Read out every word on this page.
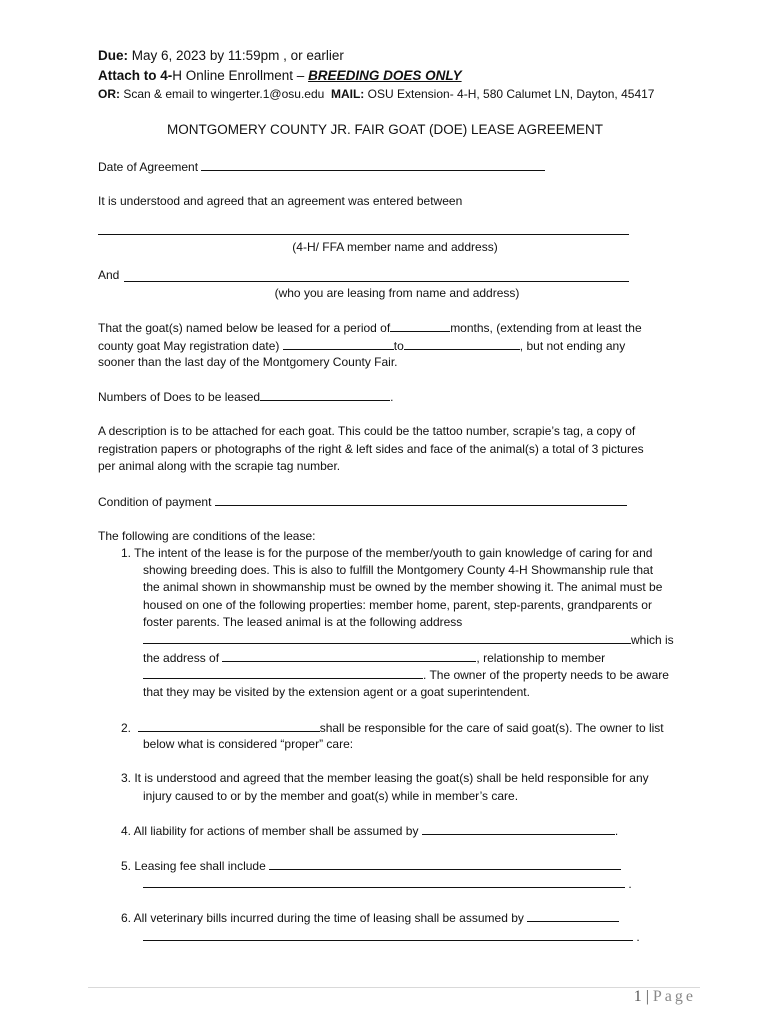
Due: May 6, 2023 by 11:59pm , or earlier
Attach to 4-H Online Enrollment – BREEDING DOES ONLY
OR: Scan & email to wingerter.1@osu.edu MAIL: OSU Extension- 4-H, 580 Calumet LN, Dayton, 45417
MONTGOMERY COUNTY JR. FAIR GOAT (DOE) LEASE AGREEMENT
Date of Agreement
It is understood and agreed that an agreement was entered between
(4-H/ FFA member name and address)
And
(who you are leasing from name and address)
That the goat(s) named below be leased for a period of	months, (extending from at least the
county goat May registration date)	to	, but not ending any
sooner than the last day of the Montgomery County Fair.
Numbers of Does to be leased	.
A description is to be attached for each goat. This could be the tattoo number, scrapie’s tag, a copy of
registration papers or photographs of the right & left sides and face of the animal(s) a total of 3 pictures
per animal along with the scrapie tag number.
Condition of payment
The following are conditions of the lease:
1. The intent of the lease is for the purpose of the member/youth to gain knowledge of caring for and
showing breeding does. This is also to fulfill the Montgomery County 4-H Showmanship rule that
the animal shown in showmanship must be owned by the member showing it. The animal must be
housed on one of the following properties: member home, parent, step-parents, grandparents or
foster parents. The leased animal is at the following address
which is
the address of	, relationship to member
. The owner of the property needs to be aware
that they may be visited by the extension agent or a goat superintendent.
2.	shall be responsible for the care of said goat(s). The owner to list
below what is considered “proper” care:
3. It is understood and agreed that the member leasing the goat(s) shall be held responsible for any
injury caused to or by the member and goat(s) while in member’s care.
4. All liability for actions of member shall be assumed by	.
5. Leasing fee shall include
.
6. All veterinary bills incurred during the time of leasing shall be assumed by
.
1 | Page
